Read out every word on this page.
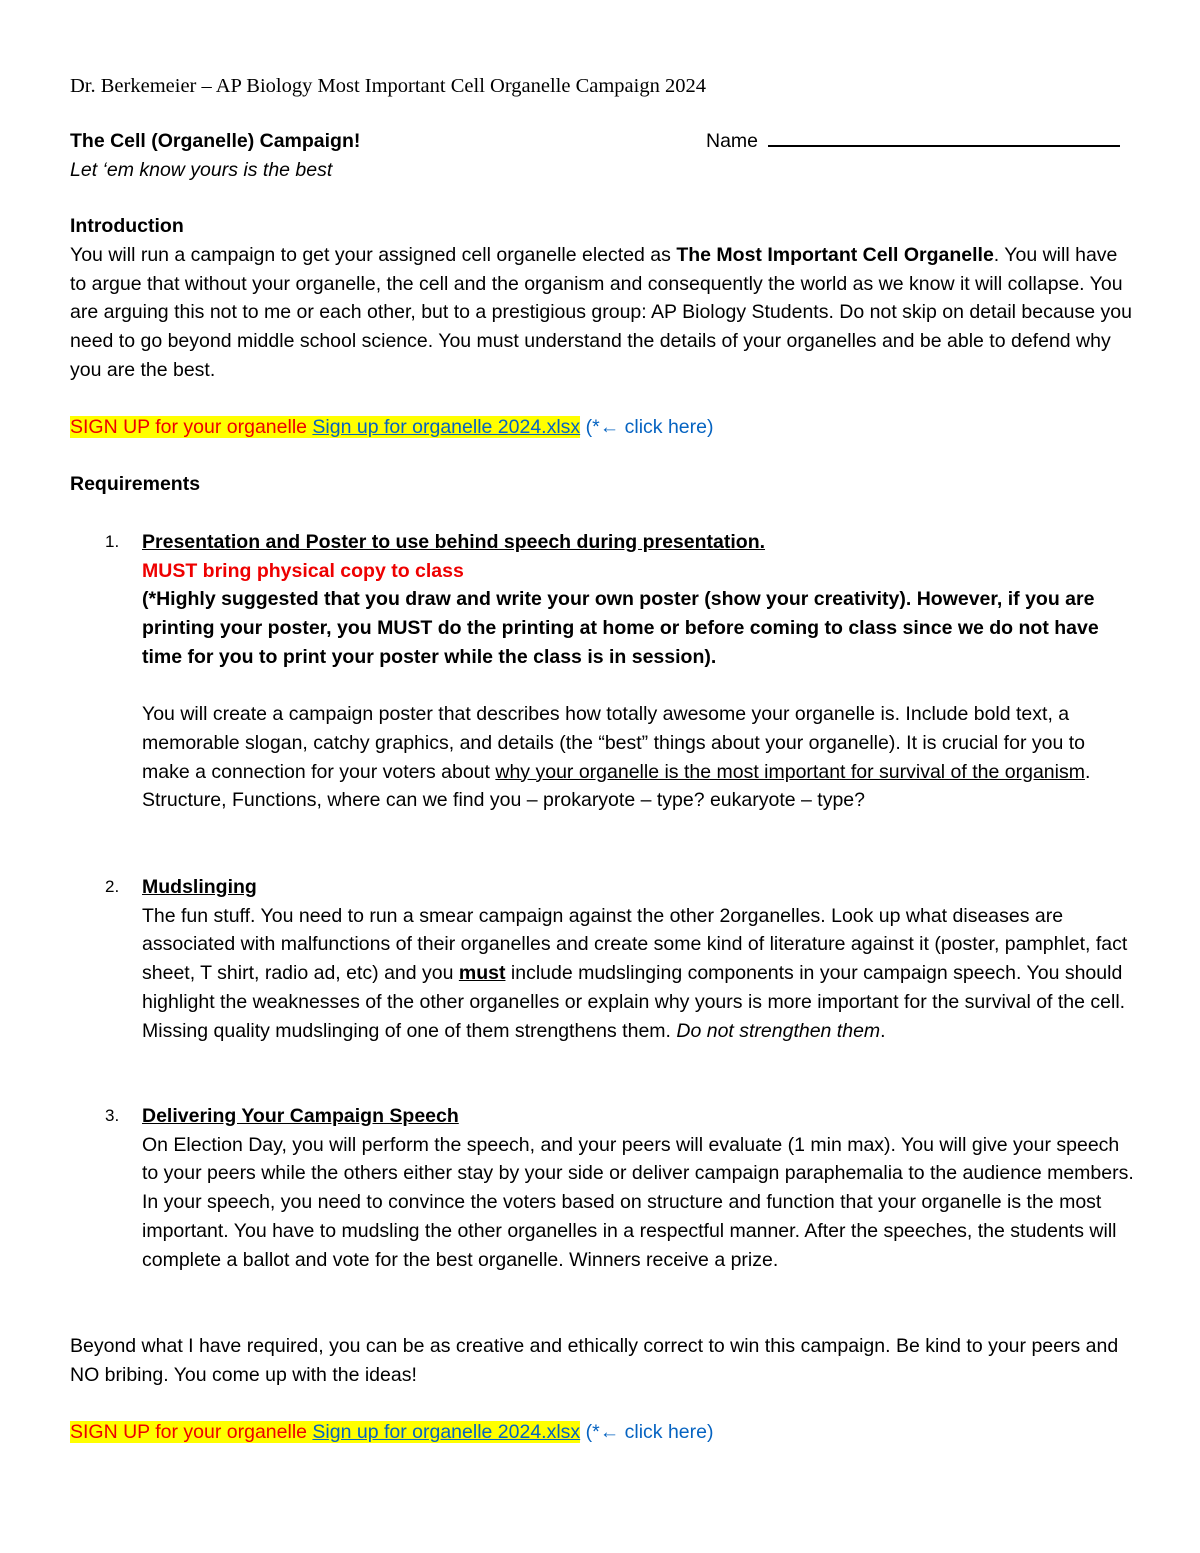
Dr. Berkemeier – AP Biology Most Important Cell Organelle Campaign 2024

The Cell (Organelle) Campaign!	Name

Let ‘em know yours is the best

Introduction

You will run a campaign to get your assigned cell organelle elected as The Most Important Cell Organelle. You will have to argue that without your organelle, the cell and the organism and consequently the world as we know it will collapse. You are arguing this not to me or each other, but to a prestigious group: AP Biology Students. Do not skip on detail because you need to go beyond middle school science. You must understand the details of your organelles and be able to defend why you are the best.

SIGN UP for your organelle Sign up for organelle 2024.xlsx (*← click here)

Requirements

1. Presentation and Poster to use behind speech during presentation.
MUST bring physical copy to class
(*Highly suggested that you draw and write your own poster (show your creativity). However, if you are printing your poster, you MUST do the printing at home or before coming to class since we do not have time for you to print your poster while the class is in session).
You will create a campaign poster that describes how totally awesome your organelle is. Include bold text, a memorable slogan, catchy graphics, and details (the “best” things about your organelle). It is crucial for you to make a connection for your voters about why your organelle is the most important for survival of the organism. Structure, Functions, where can we find you – prokaryote – type? eukaryote – type?
2. Mudslinging
The fun stuff. You need to run a smear campaign against the other 2organelles. Look up what diseases are associated with malfunctions of their organelles and create some kind of literature against it (poster, pamphlet, fact sheet, T shirt, radio ad, etc) and you must include mudslinging components in your campaign speech. You should highlight the weaknesses of the other organelles or explain why yours is more important for the survival of the cell. Missing quality mudslinging of one of them strengthens them. Do not strengthen them.
3. Delivering Your Campaign Speech
On Election Day, you will perform the speech, and your peers will evaluate (1 min max). You will give your speech to your peers while the others either stay by your side or deliver campaign paraphemalia to the audience members. In your speech, you need to convince the voters based on structure and function that your organelle is the most important. You have to mudsling the other organelles in a respectful manner. After the speeches, the students will complete a ballot and vote for the best organelle. Winners receive a prize.

Beyond what I have required, you can be as creative and ethically correct to win this campaign. Be kind to your peers and NO bribing. You come up with the ideas!

SIGN UP for your organelle Sign up for organelle 2024.xlsx (*← click here)
